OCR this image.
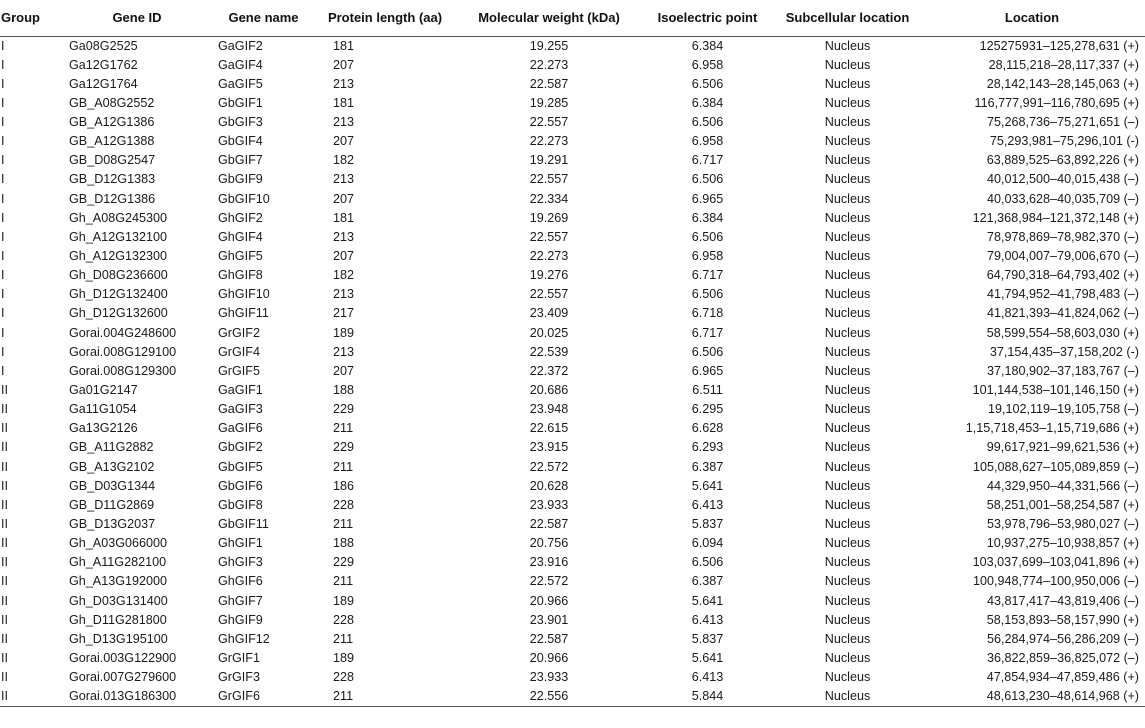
Group	Gene ID	Gene name	Protein length (aa)	Molecular weight (kDa)	Isoelectric point	Subcellular location	Location
I	Ga08G2525	GaGIF2	181	19.255	6.384	Nucleus	125275931–125,278,631 (+)
I	Ga12G1762	GaGIF4	207	22.273	6.958	Nucleus	28,115,218–28,117,337 (+)
I	Ga12G1764	GaGIF5	213	22.587	6.506	Nucleus	28,142,143–28,145,063 (+)
I	GB_A08G2552	GbGIF1	181	19.285	6.384	Nucleus	116,777,991–116,780,695 (+)
I	GB_A12G1386	GbGIF3	213	22.557	6.506	Nucleus	75,268,736–75,271,651 (–)
I	GB_A12G1388	GbGIF4	207	22.273	6.958	Nucleus	75,293,981–75,296,101 (-)
I	GB_D08G2547	GbGIF7	182	19.291	6.717	Nucleus	63,889,525–63,892,226 (+)
I	GB_D12G1383	GbGIF9	213	22.557	6.506	Nucleus	40,012,500–40,015,438 (–)
I	GB_D12G1386	GbGIF10	207	22.334	6.965	Nucleus	40,033,628–40,035,709 (–)
I	Gh_A08G245300	GhGIF2	181	19.269	6.384	Nucleus	121,368,984–121,372,148 (+)
I	Gh_A12G132100	GhGIF4	213	22.557	6.506	Nucleus	78,978,869–78,982,370 (–)
I	Gh_A12G132300	GhGIF5	207	22.273	6.958	Nucleus	79,004,007–79,006,670 (–)
I	Gh_D08G236600	GhGIF8	182	19.276	6.717	Nucleus	64,790,318–64,793,402 (+)
I	Gh_D12G132400	GhGIF10	213	22.557	6.506	Nucleus	41,794,952–41,798,483 (–)
I	Gh_D12G132600	GhGIF11	217	23.409	6.718	Nucleus	41,821,393–41,824,062 (–)
I	Gorai.004G248600	GrGIF2	189	20.025	6.717	Nucleus	58,599,554–58,603,030 (+)
I	Gorai.008G129100	GrGIF4	213	22.539	6.506	Nucleus	37,154,435–37,158,202 (-)
I	Gorai.008G129300	GrGIF5	207	22.372	6.965	Nucleus	37,180,902–37,183,767 (–)
II	Ga01G2147	GaGIF1	188	20.686	6.511	Nucleus	101,144,538–101,146,150 (+)
II	Ga11G1054	GaGIF3	229	23.948	6.295	Nucleus	19,102,119–19,105,758 (–)
II	Ga13G2126	GaGIF6	211	22.615	6.628	Nucleus	1,15,718,453–1,15,719,686 (+)
II	GB_A11G2882	GbGIF2	229	23.915	6.293	Nucleus	99,617,921–99,621,536 (+)
II	GB_A13G2102	GbGIF5	211	22.572	6.387	Nucleus	105,088,627–105,089,859 (–)
II	GB_D03G1344	GbGIF6	186	20.628	5.641	Nucleus	44,329,950–44,331,566 (–)
II	GB_D11G2869	GbGIF8	228	23.933	6.413	Nucleus	58,251,001–58,254,587 (+)
II	GB_D13G2037	GbGIF11	211	22.587	5.837	Nucleus	53,978,796–53,980,027 (–)
II	Gh_A03G066000	GhGIF1	188	20.756	6.094	Nucleus	10,937,275–10,938,857 (+)
II	Gh_A11G282100	GhGIF3	229	23.916	6.506	Nucleus	103,037,699–103,041,896 (+)
II	Gh_A13G192000	GhGIF6	211	22.572	6.387	Nucleus	100,948,774–100,950,006 (–)
II	Gh_D03G131400	GhGIF7	189	20.966	5.641	Nucleus	43,817,417–43,819,406 (–)
II	Gh_D11G281800	GhGIF9	228	23.901	6.413	Nucleus	58,153,893–58,157,990 (+)
II	Gh_D13G195100	GhGIF12	211	22.587	5.837	Nucleus	56,284,974–56,286,209 (–)
II	Gorai.003G122900	GrGIF1	189	20.966	5.641	Nucleus	36,822,859–36,825,072 (–)
II	Gorai.007G279600	GrGIF3	228	23.933	6.413	Nucleus	47,854,934–47,859,486 (+)
II	Gorai.013G186300	GrGIF6	211	22.556	5.844	Nucleus	48,613,230–48,614,968 (+)
